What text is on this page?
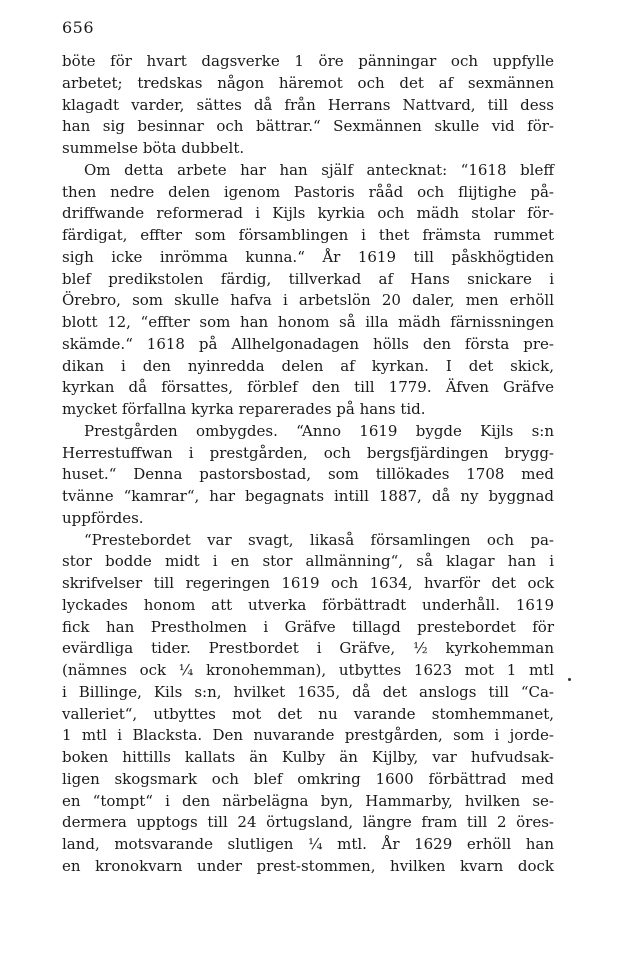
656
böte för hvart dagsverke 1 öre pänningar och uppfylle
arbetet; tredskas någon häremot och det af sexmännen
klagadt varder, sättes då från Herrans Nattvard, till dess
han sig besinnar och bättrar.“ Sexmännen skulle vid för-
summelse böta dubbelt.
Om detta arbete har han själf antecknat: “1618 bleff
then nedre delen igenom Pastoris rååd och flijtighe på-
driffwande reformerad i Kijls kyrkia och mädh stolar för-
färdigat, effter som församblingen i thet främsta rummet
sigh icke inrömma kunna.“ År 1619 till påskhögtiden
blef predikstolen färdig, tillverkad af Hans snickare i
Örebro, som skulle hafva i arbetslön 20 daler, men erhöll
blott 12, “effter som han honom så illa mädh färnissningen
skämde.“ 1618 på Allhelgonadagen hölls den första pre-
dikan i den nyinredda delen af kyrkan. I det skick,
kyrkan då försattes, förblef den till 1779. Äfven Gräfve
mycket förfallna kyrka reparerades på hans tid.
Prestgården ombygdes. “Anno 1619 bygde Kijls s:n
Herrestuffwan i prestgården, och bergsfjärdingen brygg-
huset.“ Denna pastorsbostad, som tillökades 1708 med
tvänne “kamrar“, har begagnats intill 1887, då ny byggnad
uppfördes.
“Prestebordet var svagt, likaså församlingen och pa-
stor bodde midt i en stor allmänning“, så klagar han i
skrifvelser till regeringen 1619 och 1634, hvarför det ock
lyckades honom att utverka förbättradt underhåll. 1619
fick han Prestholmen i Gräfve tillagd prestebordet för
evärdliga tider. Prestbordet i Gräfve, ½ kyrkohemman
(nämnes ock ¼ kronohemman), utbyttes 1623 mot 1 mtl
i Billinge, Kils s:n, hvilket 1635, då det anslogs till “Ca-
valleriet“, utbyttes mot det nu varande stomhemmanet,
1 mtl i Blacksta. Den nuvarande prestgården, som i jorde-
boken hittills kallats än Kulby än Kijlby, var hufvudsak-
ligen skogsmark och blef omkring 1600 förbättrad med
en “tompt“ i den närbelägna byn, Hammarby, hvilken se-
dermera upptogs till 24 örtugsland, längre fram till 2 öres-
land, motsvarande slutligen ¼ mtl. År 1629 erhöll han
en kronokvarn under prest-stommen, hvilken kvarn dock
